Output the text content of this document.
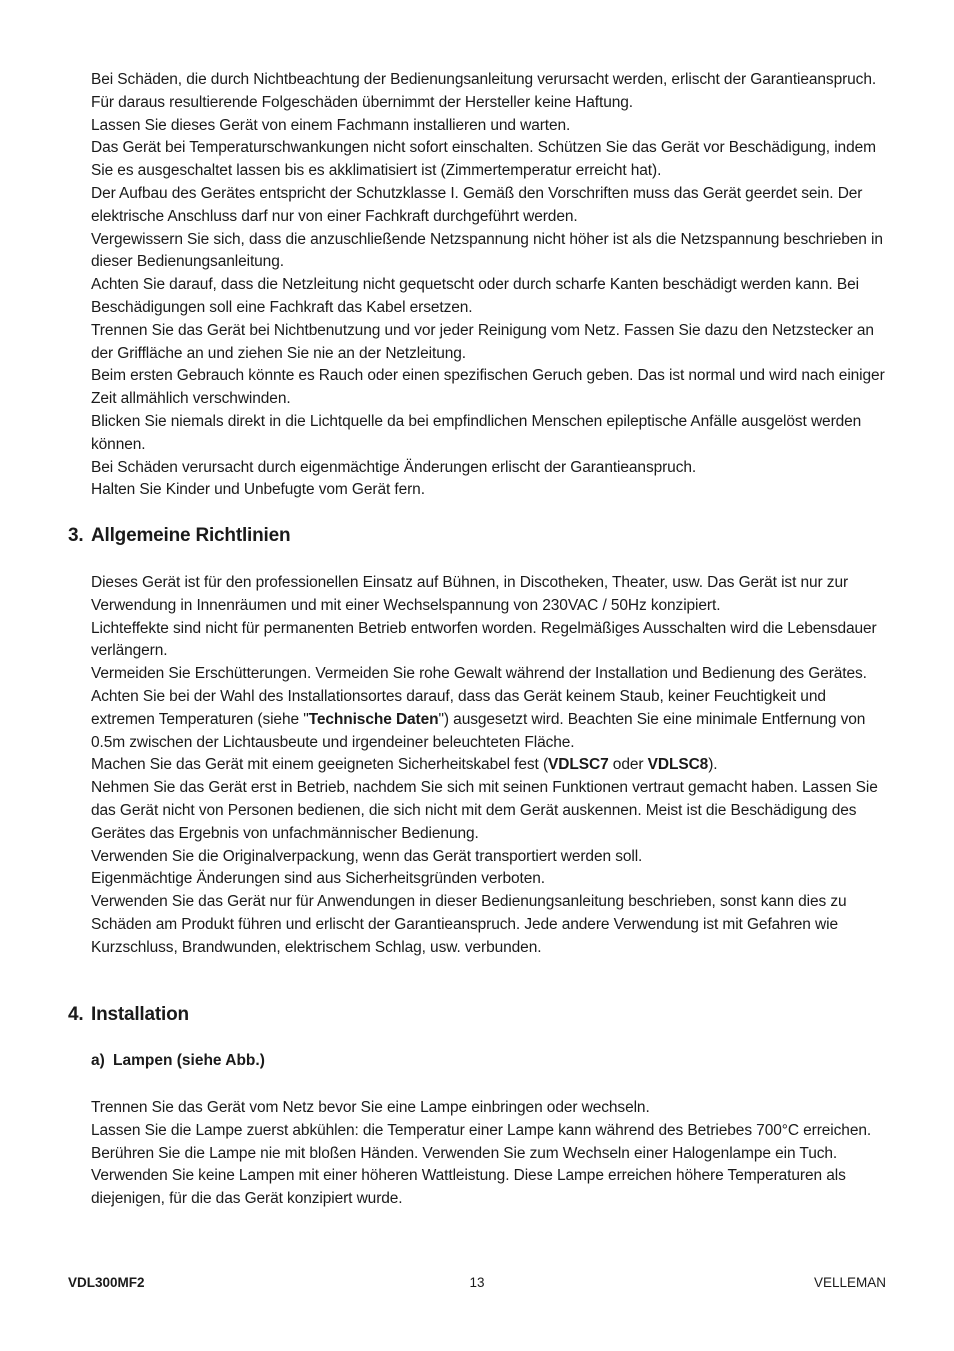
Bei Schäden, die durch Nichtbeachtung der Bedienungsanleitung verursacht werden, erlischt der Garantieanspruch. Für daraus resultierende Folgeschäden übernimmt der Hersteller keine Haftung.

Lassen Sie dieses Gerät von einem Fachmann installieren und warten.

Das Gerät bei Temperaturschwankungen nicht sofort einschalten. Schützen Sie das Gerät vor Beschädigung, indem Sie es ausgeschaltet lassen bis es akklimatisiert ist (Zimmertemperatur erreicht hat).

Der Aufbau des Gerätes entspricht der Schutzklasse I. Gemäß den Vorschriften muss das Gerät geerdet sein. Der elektrische Anschluss darf nur von einer Fachkraft durchgeführt werden.

Vergewissern Sie sich, dass die anzuschließende Netzspannung nicht höher ist als die Netzspannung beschrieben in dieser Bedienungsanleitung.

Achten Sie darauf, dass die Netzleitung nicht gequetscht oder durch scharfe Kanten beschädigt werden kann. Bei Beschädigungen soll eine Fachkraft das Kabel ersetzen.

Trennen Sie das Gerät bei Nichtbenutzung und vor jeder Reinigung vom Netz. Fassen Sie dazu den Netzstecker an der Griffläche an und ziehen Sie nie an der Netzleitung.

Beim ersten Gebrauch könnte es Rauch oder einen spezifischen Geruch geben. Das ist normal und wird nach einiger Zeit allmählich verschwinden.

Blicken Sie niemals direkt in die Lichtquelle da bei empfindlichen Menschen epileptische Anfälle ausgelöst werden können.

Bei Schäden verursacht durch eigenmächtige Änderungen erlischt der Garantieanspruch.

Halten Sie Kinder und Unbefugte vom Gerät fern.

3. Allgemeine Richtlinien

Dieses Gerät ist für den professionellen Einsatz auf Bühnen, in Discotheken, Theater, usw. Das Gerät ist nur zur Verwendung in Innenräumen und mit einer Wechselspannung von 230VAC / 50Hz konzipiert.

Lichteffekte sind nicht für permanenten Betrieb entworfen worden. Regelmäßiges Ausschalten wird die Lebensdauer verlängern.

Vermeiden Sie Erschütterungen. Vermeiden Sie rohe Gewalt während der Installation und Bedienung des Gerätes.

Achten Sie bei der Wahl des Installationsortes darauf, dass das Gerät keinem Staub, keiner Feuchtigkeit und extremen Temperaturen (siehe "Technische Daten") ausgesetzt wird. Beachten Sie eine minimale Entfernung von 0.5m zwischen der Lichtausbeute und irgendeiner beleuchteten Fläche.

Machen Sie das Gerät mit einem geeigneten Sicherheitskabel fest (VDLSC7 oder VDLSC8).

Nehmen Sie das Gerät erst in Betrieb, nachdem Sie sich mit seinen Funktionen vertraut gemacht haben. Lassen Sie das Gerät nicht von Personen bedienen, die sich nicht mit dem Gerät auskennen. Meist ist die Beschädigung des Gerätes das Ergebnis von unfachmännischer Bedienung.

Verwenden Sie die Originalverpackung, wenn das Gerät transportiert werden soll.

Eigenmächtige Änderungen sind aus Sicherheitsgründen verboten.

Verwenden Sie das Gerät nur für Anwendungen in dieser Bedienungsanleitung beschrieben, sonst kann dies zu Schäden am Produkt führen und erlischt der Garantieanspruch. Jede andere Verwendung ist mit Gefahren wie Kurzschluss, Brandwunden, elektrischem Schlag, usw. verbunden.

4. Installation
a) Lampen (siehe Abb.)

Trennen Sie das Gerät vom Netz bevor Sie eine Lampe einbringen oder wechseln.

Lassen Sie die Lampe zuerst abkühlen: die Temperatur einer Lampe kann während des Betriebes 700°C erreichen.

Berühren Sie die Lampe nie mit bloßen Händen. Verwenden Sie zum Wechseln einer Halogenlampe ein Tuch.

Verwenden Sie keine Lampen mit einer höheren Wattleistung. Diese Lampe erreichen höhere Temperaturen als diejenigen, für die das Gerät konzipiert wurde.

13
VDL300MF2	VELLEMAN
